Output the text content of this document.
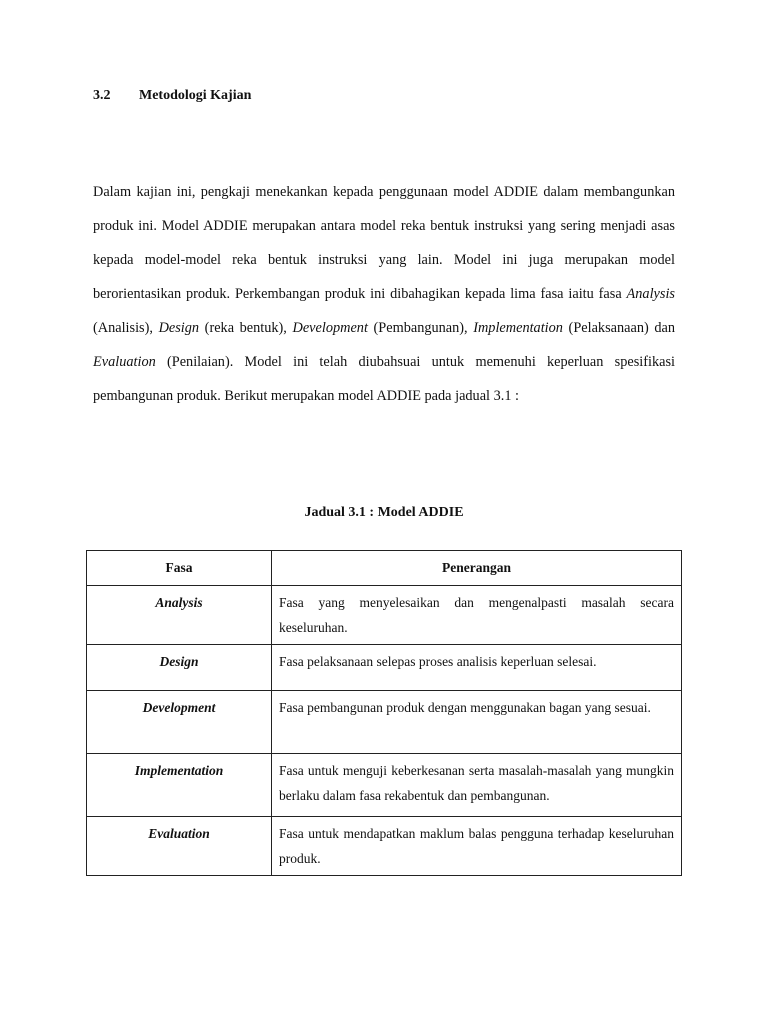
3.2 Metodologi Kajian

Dalam kajian ini, pengkaji menekankan kepada penggunaan model ADDIE dalam membangunkan produk ini. Model ADDIE merupakan antara model reka bentuk instruksi yang sering menjadi asas kepada model-model reka bentuk instruksi yang lain. Model ini juga merupakan model berorientasikan produk. Perkembangan produk ini dibahagikan kepada lima fasa iaitu fasa Analysis (Analisis), Design (reka bentuk), Development (Pembangunan), Implementation (Pelaksanaan) dan Evaluation (Penilaian). Model ini telah diubahsuai untuk memenuhi keperluan spesifikasi pembangunan produk. Berikut merupakan model ADDIE pada jadual 3.1 :

Jadual 3.1 : Model ADDIE
Fasa	Penerangan
Analysis	Fasa yang menyelesaikan dan mengenalpasti masalah secara keseluruhan.
Design	Fasa pelaksanaan selepas proses analisis keperluan selesai.
Development	Fasa pembangunan produk dengan menggunakan bagan yang sesuai.
Implementation	Fasa untuk menguji keberkesanan serta masalah-masalah yang mungkin berlaku dalam fasa rekabentuk dan pembangunan.
Evaluation	Fasa untuk mendapatkan maklum balas pengguna terhadap keseluruhan produk.
